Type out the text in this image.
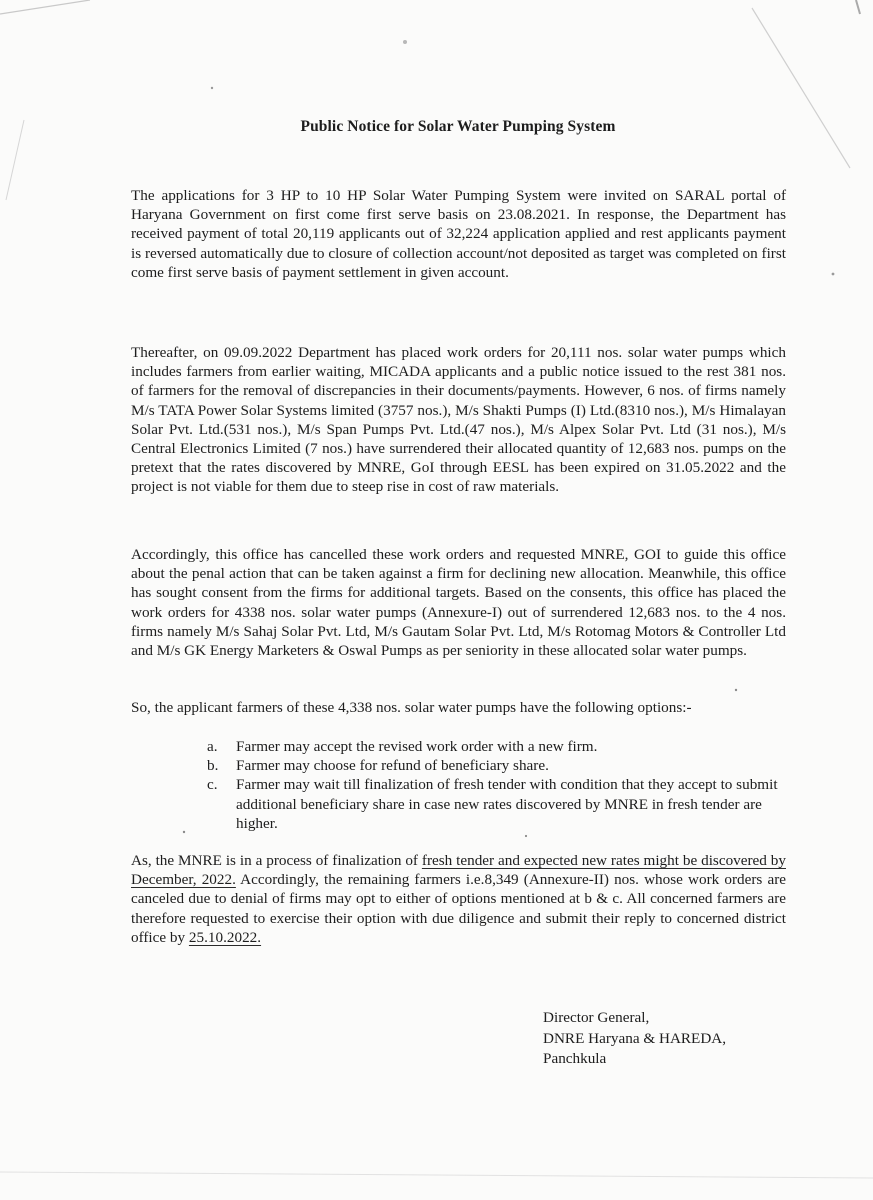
Public Notice for Solar Water Pumping System

The applications for 3 HP to 10 HP Solar Water Pumping System were invited on SARAL portal of Haryana Government on first come first serve basis on 23.08.2021. In response, the Department has received payment of total 20,119 applicants out of 32,224 application applied and rest applicants payment is reversed automatically due to closure of collection account/not deposited as target was completed on first come first serve basis of payment settlement in given account.

Thereafter, on 09.09.2022 Department has placed work orders for 20,111 nos. solar water pumps which includes farmers from earlier waiting, MICADA applicants and a public notice issued to the rest 381 nos. of farmers for the removal of discrepancies in their documents/payments. However, 6 nos. of firms namely M/s TATA Power Solar Systems limited (3757 nos.), M/s Shakti Pumps (I) Ltd.(8310 nos.), M/s Himalayan Solar Pvt. Ltd.(531 nos.), M/s Span Pumps Pvt. Ltd.(47 nos.), M/s Alpex Solar Pvt. Ltd (31 nos.), M/s Central Electronics Limited (7 nos.) have surrendered their allocated quantity of 12,683 nos. pumps on the pretext that the rates discovered by MNRE, GoI through EESL has been expired on 31.05.2022 and the project is not viable for them due to steep rise in cost of raw materials.

Accordingly, this office has cancelled these work orders and requested MNRE, GOI to guide this office about the penal action that can be taken against a firm for declining new allocation. Meanwhile, this office has sought consent from the firms for additional targets. Based on the consents, this office has placed the work orders for 4338 nos. solar water pumps (Annexure-I) out of surrendered 12,683 nos. to the 4 nos. firms namely M/s Sahaj Solar Pvt. Ltd, M/s Gautam Solar Pvt. Ltd, M/s Rotomag Motors & Controller Ltd and M/s GK Energy Marketers & Oswal Pumps as per seniority in these allocated solar water pumps.

So, the applicant farmers of these 4,338 nos. solar water pumps have the following options:-

a. Farmer may accept the revised work order with a new firm.
b. Farmer may choose for refund of beneficiary share.
c. Farmer may wait till finalization of fresh tender with condition that they accept to submit additional beneficiary share in case new rates discovered by MNRE in fresh tender are higher.

As, the MNRE is in a process of finalization of fresh tender and expected new rates might be discovered by December, 2022. Accordingly, the remaining farmers i.e.8,349 (Annexure-II) nos. whose work orders are canceled due to denial of firms may opt to either of options mentioned at b & c. All concerned farmers are therefore requested to exercise their option with due diligence and submit their reply to concerned district office by 25.10.2022.

Director General,
DNRE Haryana & HAREDA,
Panchkula
